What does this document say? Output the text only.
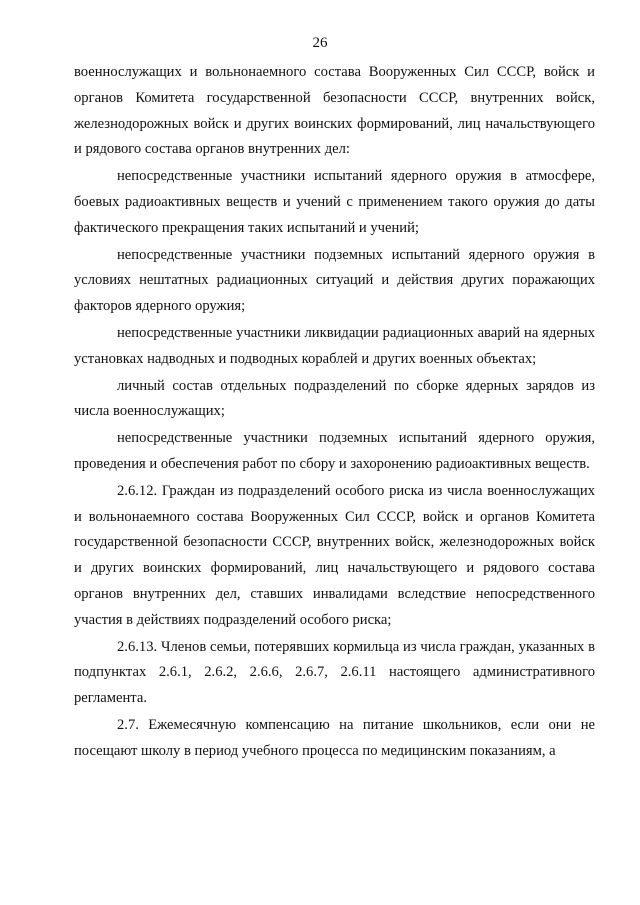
26

военнослужащих и вольнонаемного состава Вооруженных Сил СССР, войск и органов Комитета государственной безопасности СССР, внутренних войск, железнодорожных войск и других воинских формирований, лиц начальствующего и рядового состава органов внутренних дел:

непосредственные участники испытаний ядерного оружия в атмосфере, боевых радиоактивных веществ и учений с применением такого оружия до даты фактического прекращения таких испытаний и учений;

непосредственные участники подземных испытаний ядерного оружия в условиях нештатных радиационных ситуаций и действия других поражающих факторов ядерного оружия;

непосредственные участники ликвидации радиационных аварий на ядерных установках надводных и подводных кораблей и других военных объектах;

личный состав отдельных подразделений по сборке ядерных зарядов из числа военнослужащих;

непосредственные участники подземных испытаний ядерного оружия, проведения и обеспечения работ по сбору и захоронению радиоактивных веществ.

2.6.12. Граждан из подразделений особого риска из числа военнослужащих и вольнонаемного состава Вооруженных Сил СССР, войск и органов Комитета государственной безопасности СССР, внутренних войск, железнодорожных войск и других воинских формирований, лиц начальствующего и рядового состава органов внутренних дел, ставших инвалидами вследствие непосредственного участия в действиях подразделений особого риска;

2.6.13. Членов семьи, потерявших кормильца из числа граждан, указанных в подпунктах 2.6.1, 2.6.2, 2.6.6, 2.6.7, 2.6.11 настоящего административного регламента.

2.7. Ежемесячную компенсацию на питание школьников, если они не посещают школу в период учебного процесса по медицинским показаниям, а
